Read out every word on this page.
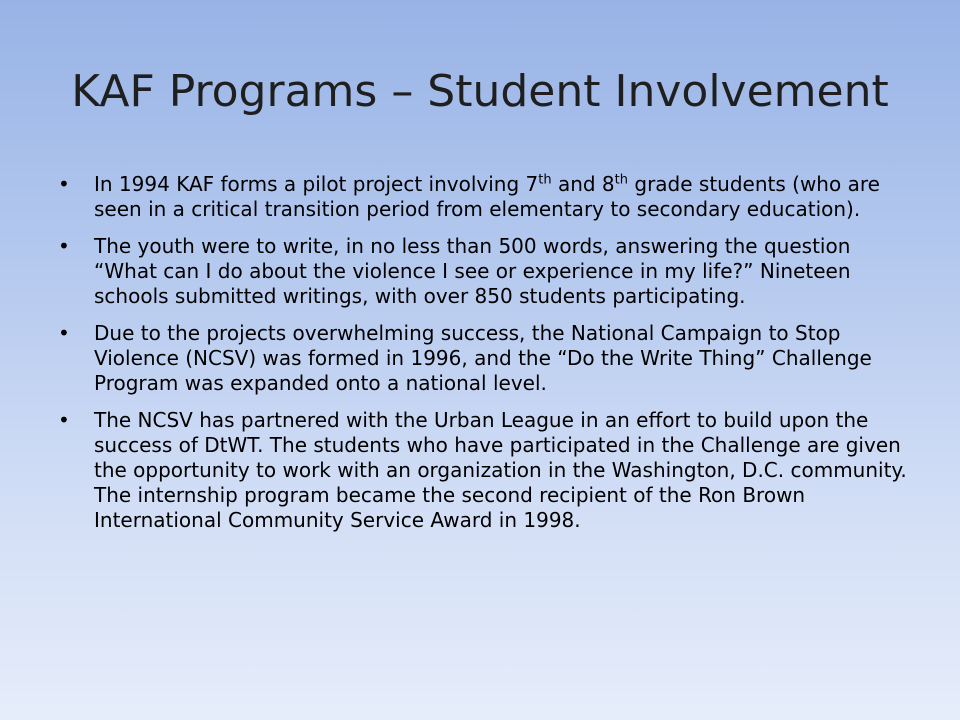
KAF Programs – Student Involvement
• In 1994 KAF forms a pilot project involving 7th and 8th grade students (who are seen in a critical transition period from elementary to secondary education).
• The youth were to write, in no less than 500 words, answering the question “What can I do about the violence I see or experience in my life?” Nineteen schools submitted writings, with over 850 students participating.
• Due to the projects overwhelming success, the National Campaign to Stop Violence (NCSV) was formed in 1996, and the “Do the Write Thing” Challenge Program was expanded onto a national level.
• The NCSV has partnered with the Urban League in an effort to build upon the success of DtWT. The students who have participated in the Challenge are given the opportunity to work with an organization in the Washington, D.C. community. The internship program became the second recipient of the Ron Brown International Community Service Award in 1998.
